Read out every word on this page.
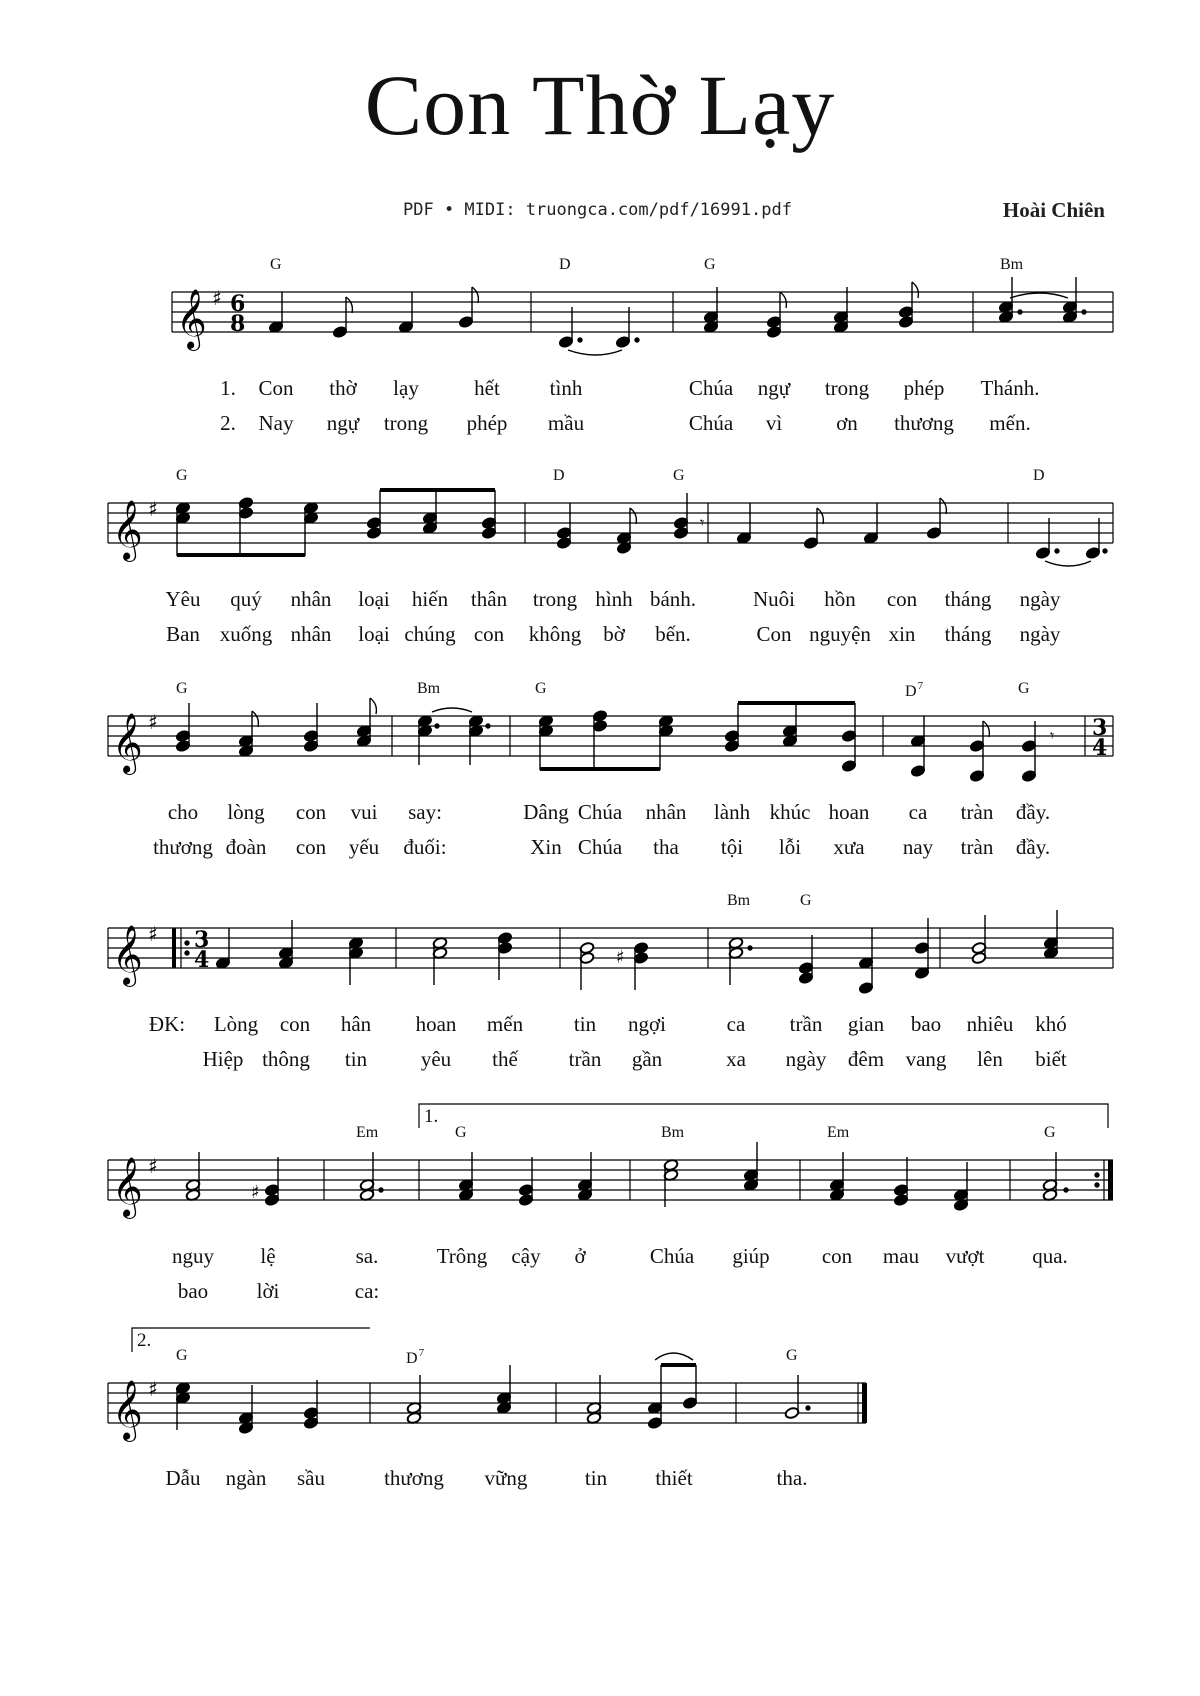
Con Thờ Lạy
PDF • MIDI: truongca.com/pdf/16991.pdf	Hoài Chiên
𝄞 ♯ 6
8
G	D	G	Bm
1. Con thờ lạy	hết tình	Chúa ngự trong phép Thánh.
2. Nay ngự trong phép mầu	Chúa vì	ơn thương mến.
𝄞 ♯
𝄾
G	D	G	D
Yêu quý nhân loại hiến thân trong hình bánh.	Nuôi hồn con tháng ngày
Ban xuống nhân loại chúng con không bờ bến.	Con nguyện xin tháng ngày
𝄞 ♯	3
4
𝄾
G	Bm	G	$D^7$	G
cho lòng con vui say:	Dâng Chúa nhân lành khúc hoan ca tràn đầy.
thương đoàn con yếu đuối:	Xin Chúa tha tội lỗi xưa nay tràn đầy.
𝄞 ♯ 3
4	♯
Bm	G
ĐK: Lòng con hân hoan mến tin ngợi	ca trần gian bao nhiêu khó
Hiệp thông tin	yêu thế trần gần	xa ngày đêm vang lên biết
𝄞 ♯
♯
1.
Em	G	Bm	Em	G
nguy lệ	sa.	Trông cậy ở	Chúa giúp con mau vượt qua.
bao lời	ca:
𝄞 ♯
2.
G	$D^7$	G
Dẫu ngàn sầu	thương vững	tin thiết	tha.
